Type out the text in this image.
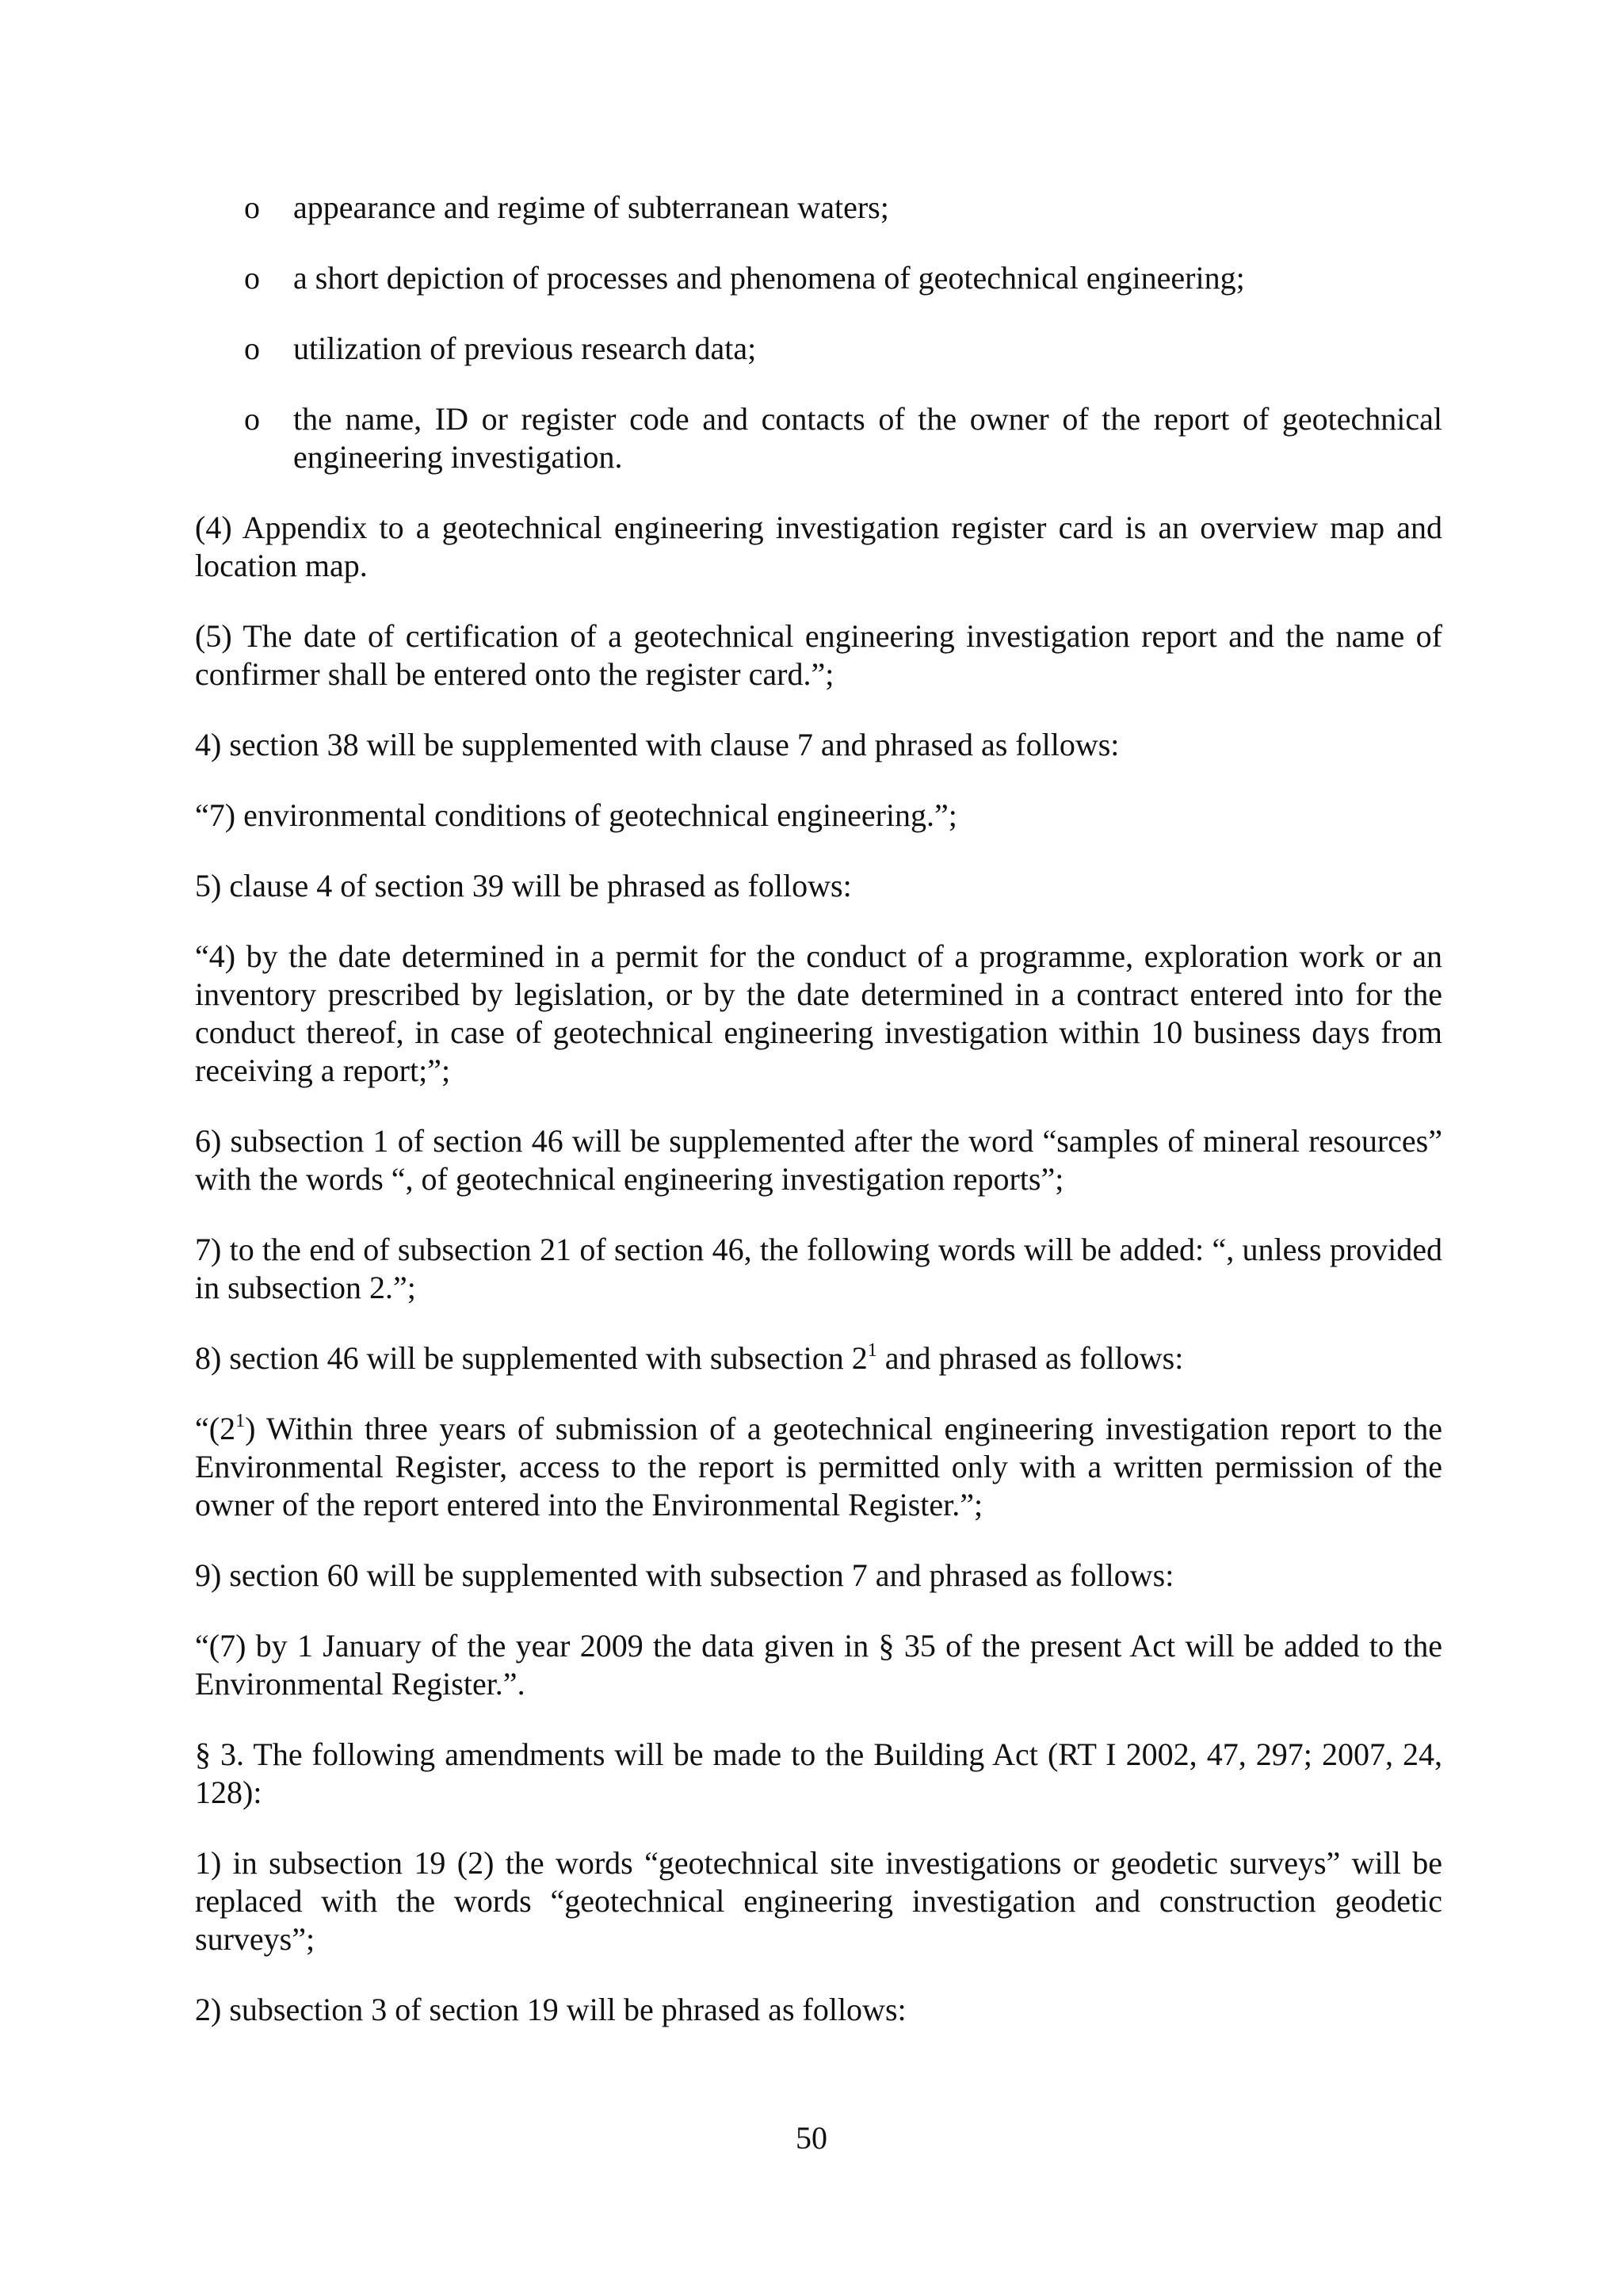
o appearance and regime of subterranean waters;
o a short depiction of processes and phenomena of geotechnical engineering;
o utilization of previous research data;
o the name, ID or register code and contacts of the owner of the report of geotechnical engineering investigation.

(4) Appendix to a geotechnical engineering investigation register card is an overview map and location map.

(5) The date of certification of a geotechnical engineering investigation report and the name of confirmer shall be entered onto the register card.”;

4) section 38 will be supplemented with clause 7 and phrased as follows:

“7) environmental conditions of geotechnical engineering.”;

5) clause 4 of section 39 will be phrased as follows:

“4) by the date determined in a permit for the conduct of a programme, exploration work or an inventory prescribed by legislation, or by the date determined in a contract entered into for the conduct thereof, in case of geotechnical engineering investigation within 10 business days from receiving a report;”;

6) subsection 1 of section 46 will be supplemented after the word “samples of mineral resources” with the words “, of geotechnical engineering investigation reports”;

7) to the end of subsection 21 of section 46, the following words will be added: “, unless provided in subsection 2.”;

8) section 46 will be supplemented with subsection $2^1$ and phrased as follows:

“$(2^1)$ Within three years of submission of a geotechnical engineering investigation report to the Environmental Register, access to the report is permitted only with a written permission of the owner of the report entered into the Environmental Register.”;

9) section 60 will be supplemented with subsection 7 and phrased as follows:

“(7) by 1 January of the year 2009 the data given in § 35 of the present Act will be added to the Environmental Register.”.

§ 3. The following amendments will be made to the Building Act (RT I 2002, 47, 297; 2007, 24, 128):

1) in subsection 19 (2) the words “geotechnical site investigations or geodetic surveys” will be replaced with the words “geotechnical engineering investigation and construction geodetic surveys”;

2) subsection 3 of section 19 will be phrased as follows:

50
